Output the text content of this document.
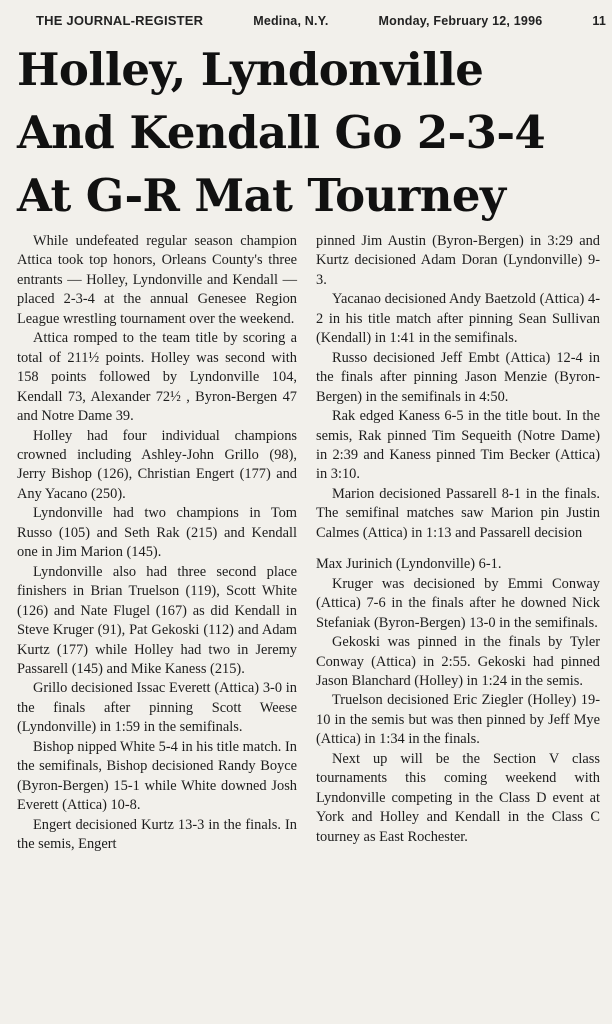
THE JOURNAL-REGISTER	Medina, N.Y.	Monday, February 12, 1996	11
Holley, Lyndonville
And Kendall Go 2-3-4
At G-R Mat Tourney

While undefeated regular season champion Attica took top honors, Orleans County's three entrants — Holley, Lyndonville and Kendall — placed 2-3-4 at the annual Genesee Region League wrestling tournament over the weekend.

Attica romped to the team title by scoring a total of 211½ points. Holley was second with 158 points followed by Lyndonville 104, Kendall 73, Alexander 72½ , Byron-Bergen 47 and Notre Dame 39.

Holley had four individual champions crowned including Ashley-John Grillo (98), Jerry Bishop (126), Christian Engert (177) and Any Yacano (250).

Lyndonville had two champions in Tom Russo (105) and Seth Rak (215) and Kendall one in Jim Marion (145).

Lyndonville also had three second place finishers in Brian Truelson (119), Scott White (126) and Nate Flugel (167) as did Kendall in Steve Kruger (91), Pat Gekoski (112) and Adam Kurtz (177) while Holley had two in Jeremy Passarell (145) and Mike Kaness (215).

Grillo decisioned Issac Everett (Attica) 3-0 in the finals after pinning Scott Weese (Lyndonville) in 1:59 in the semifinals.

Bishop nipped White 5-4 in his title match. In the semifinals, Bishop decisioned Randy Boyce (Byron-Bergen) 15-1 while White downed Josh Everett (Attica) 10-8.

Engert decisioned Kurtz 13-3 in the finals. In the semis, Engert

pinned Jim Austin (Byron-Bergen) in 3:29 and Kurtz decisioned Adam Doran (Lyndonville) 9-3.

Yacanao decisioned Andy Baetzold (Attica) 4-2 in his title match after pinning Sean Sullivan (Kendall) in 1:41 in the semifinals.

Russo decisioned Jeff Embt (Attica) 12-4 in the finals after pinning Jason Menzie (Byron-Bergen) in the semifinals in 4:50.

Rak edged Kaness 6-5 in the title bout. In the semis, Rak pinned Tim Sequeith (Notre Dame) in 2:39 and Kaness pinned Tim Becker (Attica) in 3:10.

Marion decisioned Passarell 8-1 in the finals. The semifinal matches saw Marion pin Justin Calmes (Attica) in 1:13 and Passarell decision

Max Jurinich (Lyndonville) 6-1.

Kruger was decisioned by Emmi Conway (Attica) 7-6 in the finals after he downed Nick Stefaniak (Byron-Bergen) 13-0 in the semifinals.

Gekoski was pinned in the finals by Tyler Conway (Attica) in 2:55. Gekoski had pinned Jason Blanchard (Holley) in 1:24 in the semis.

Truelson decisioned Eric Ziegler (Holley) 19-10 in the semis but was then pinned by Jeff Mye (Attica) in 1:34 in the finals.

Next up will be the Section V class tournaments this coming weekend with Lyndonville competing in the Class D event at York and Holley and Kendall in the Class C tourney as East Rochester.
